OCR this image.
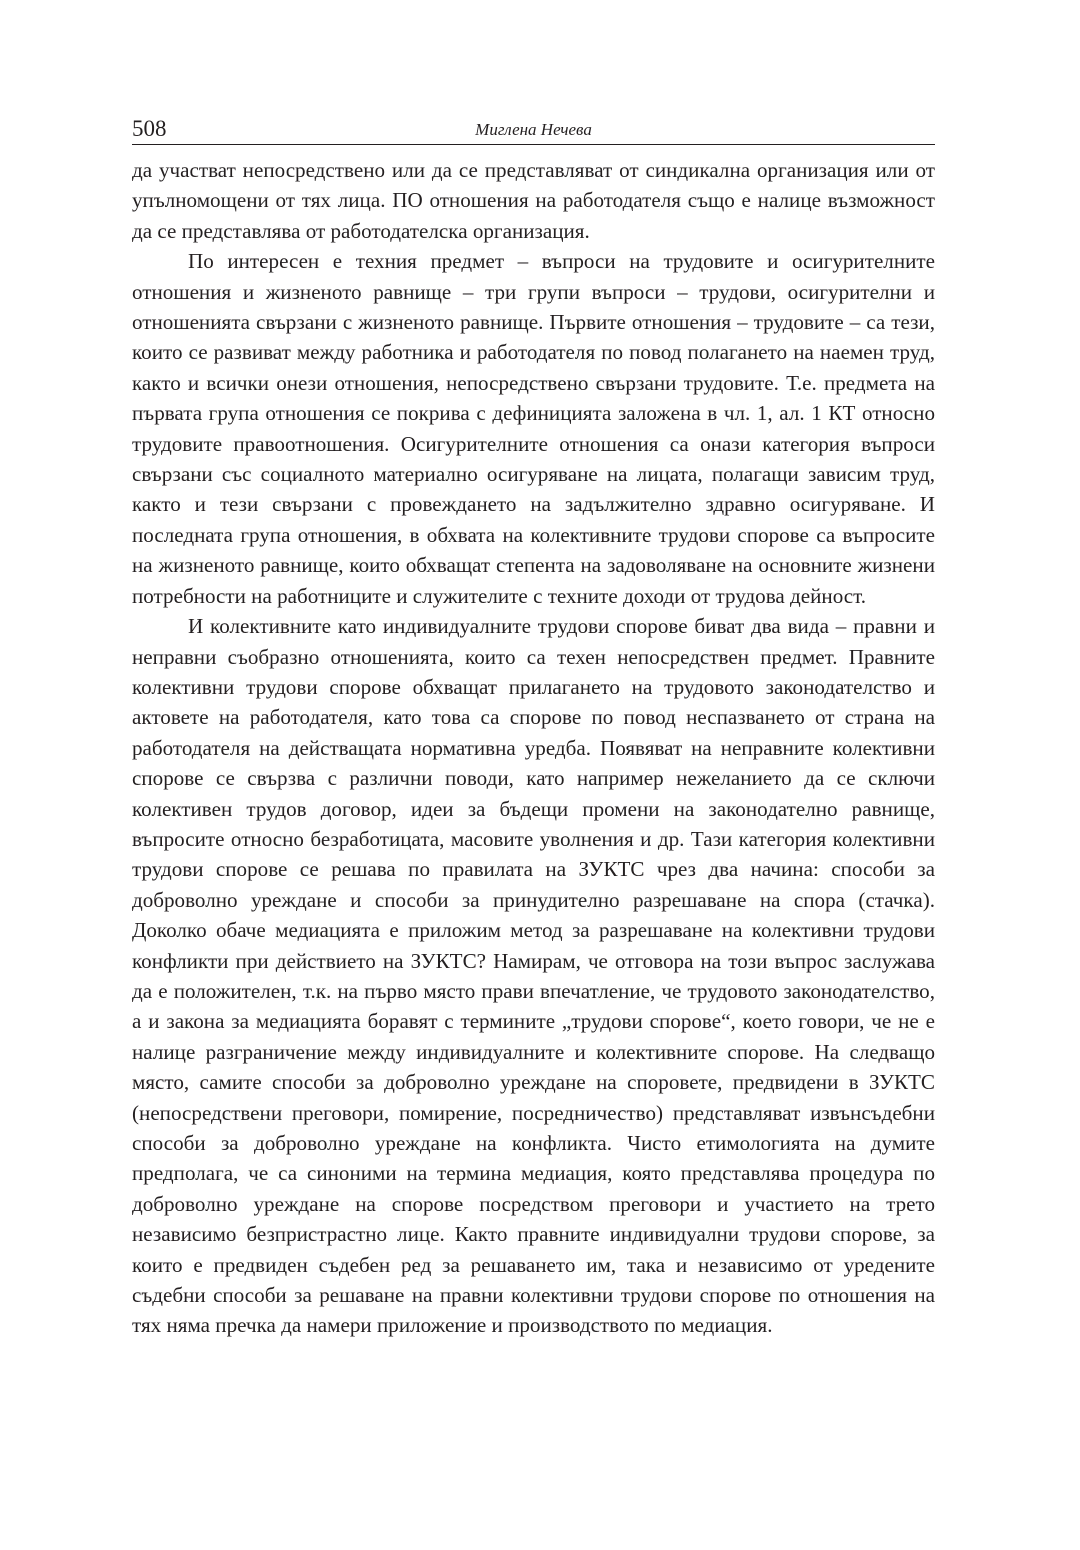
508	Миглена Нечева

да участват непосредствено или да се представляват от синдикална организация или от упълномощени от тях лица. ПО отношения на работодателя също е налице възможност да се представлява от работодателска организация.

По интересен е техния предмет – въпроси на трудовите и осигурителните отношения и жизненото равнище – три групи въпроси – трудови, осигурителни и отношенията свързани с жизненото равнище. Първите отношения – трудовите – са тези, които се развиват между работника и работодателя по повод полагането на наемен труд, както и всички онези отношения, непосредствено свързани трудовите. Т.е. предмета на първата група отношения се покрива с дефиницията заложена в чл. 1, ал. 1 КТ относно трудовите правоотношения. Осигурителните отношения са онази категория въпроси свързани със социалното материално осигуряване на лицата, полагащи зависим труд, както и тези свързани с провеждането на задължително здравно осигуряване. И последната група отношения, в обхвата на колективните трудови спорове са въпросите на жизненото равнище, които обхващат степента на задоволяване на основните жизнени потребности на работниците и служителите с техните доходи от трудова дейност.

И колективните като индивидуалните трудови спорове биват два вида – правни и неправни съобразно отношенията, които са техен непосредствен предмет. Правните колективни трудови спорове обхващат прилагането на трудовото законодателство и актовете на работодателя, като това са спорове по повод неспазването от страна на работодателя на действащата нормативна уредба. Появяват на неправните колективни спорове се свързва с различни поводи, като например нежеланието да се сключи колективен трудов договор, идеи за бъдещи промени на законодателно равнище, въпросите относно безработицата, масовите уволнения и др. Тази категория колективни трудови спорове се решава по правилата на ЗУКТС чрез два начина: способи за доброволно уреждане и способи за принудително разрешаване на спора (стачка). Доколко обаче медиацията е приложим метод за разрешаване на колективни трудови конфликти при действието на ЗУКТС? Намирам, че отговора на този въпрос заслужава да е положителен, т.к. на първо място прави впечатление, че трудовото законодателство, а и закона за медиацията боравят с термините „трудови спорове“, което говори, че не е налице разграничение между индивидуалните и колективните спорове. На следващо място, самите способи за доброволно уреждане на споровете, предвидени в ЗУКТС (непосредствени преговори, помирение, посредничество) представляват извънсъдебни способи за доброволно уреждане на конфликта. Чисто етимологията на думите предполага, че са синоними на термина медиация, която представлява процедура по доброволно уреждане на спорове посредством преговори и участието на трето независимо безпристрастно лице. Както правните индивидуални трудови спорове, за които е предвиден съдебен ред за решаването им, така и независимо от уредените съдебни способи за решаване на правни колективни трудови спорове по отношения на тях няма пречка да намери приложение и производството по медиация.
